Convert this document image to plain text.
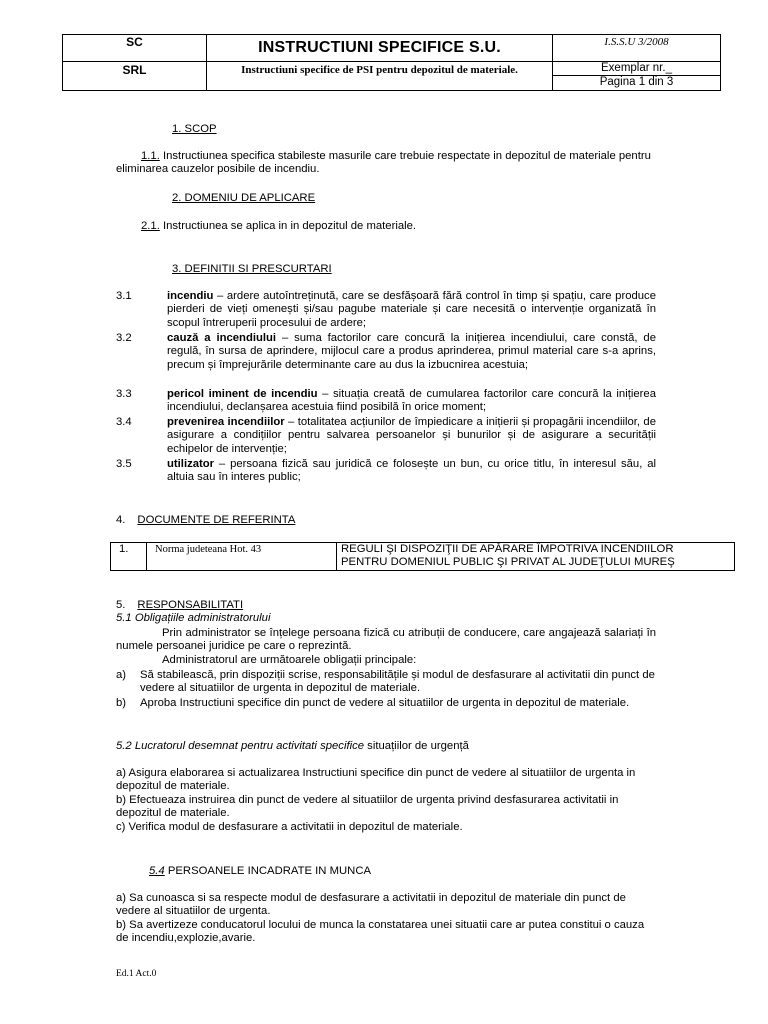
SC	INSTRUCTIUNI SPECIFICE S.U.	I.S.S.U 3/2008
SRL	Instructiuni specifice de PSI pentru depozitul de materiale.	Exemplar nr._
		Pagina 1 din 3
1. SCOP

1.1. Instructiunea specifica stabileste masurile care trebuie respectate in depozitul de materiale pentru eliminarea cauzelor posibile de incendiu.

2. DOMENIU DE APLICARE

2.1. Instructiunea se aplica in in depozitul de materiale.

3. DEFINITII SI PRESCURTARI
3.1	incendiu – ardere autoîntreținută, care se desfășoară fără control în timp și spațiu, care produce pierderi de vieți omenești și/sau pagube materiale și care necesită o intervenție organizată în scopul întreruperii procesului de ardere;

3.2	cauză a incendiului – suma factorilor care concură la inițierea incendiului, care constă, de regulă, în sursa de aprindere, mijlocul care a produs aprinderea, primul material care s-a aprins, precum și împrejurările determinante care au dus la izbucnirea acestuia;

3.3	pericol iminent de incendiu – situația creată de cumularea factorilor care concură la inițierea incendiului, declanșarea acestuia fiind posibilă în orice moment;

3.4	prevenirea incendiilor – totalitatea acțiunilor de împiedicare a inițierii și propagării incendiilor, de asigurare a condițiilor pentru salvarea persoanelor și bunurilor și de asigurare a securității echipelor de intervenție;

3.5	utilizator – persoana fizică sau juridică ce folosește un bun, cu orice titlu, în interesul său, al altuia sau în interes public;

4. DOCUMENTE DE REFERINTA
1.	Norma judeteana Hot. 43	REGULI ŞI DISPOZIŢII DE APĂRARE ÎMPOTRIVA INCENDIILOR
PENTRU DOMENIUL PUBLIC ŞI PRIVAT AL JUDEŢULUI MUREŞ
5. RESPONSABILITATI
5.1 Obligațiile administratorului

Prin administrator se înțelege persoana fizică cu atribuții de conducere, care angajează salariați în numele persoanei juridice pe care o reprezintă.

Administratorul are următoarele obligații principale:

a) Să stabilească, prin dispoziții scrise, responsabilitățile și modul de desfasurare al activitatii din punct de vedere al situatiilor de urgenta in depozitul de materiale.
b) Aproba Instructiuni specifice din punct de vedere al situatiilor de urgenta in depozitul de materiale.
5.2 Lucratorul desemnat pentru activitati specifice situațiilor de urgență

a) Asigura elaborarea si actualizarea Instructiuni specifice din punct de vedere al situatiilor de urgenta in depozitul de materiale.

b) Efectueaza instruirea din punct de vedere al situatiilor de urgenta privind desfasurarea activitatii in depozitul de materiale.

c) Verifica modul de desfasurare a activitatii in depozitul de materiale.

5.4 PERSOANELE INCADRATE IN MUNCA

a) Sa cunoasca si sa respecte modul de desfasurare a activitatii in depozitul de materiale din punct de vedere al situatiilor de urgenta.

b) Sa avertizeze conducatorul locului de munca la constatarea unei situatii care ar putea constitui o cauza de incendiu,explozie,avarie.

Ed.1 Act.0
